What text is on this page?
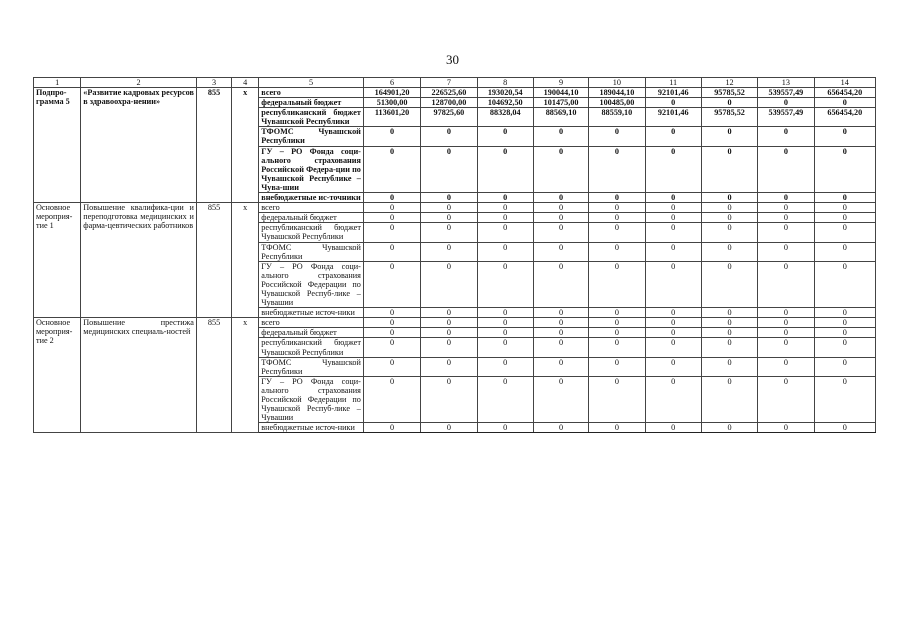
30
1	2	3	4	5	6	7	8	9	10	11	12	13	14
Подпро-грамма 5	«Развитие кадровых ресурсов в здравоохра-нении»	855	х	всего	164901,20	226525,60	193020,54	190044,10	189044,10	92101,46	95785,52	539557,49	656454,20
				федеральный бюджет	51300,00	128700,00	104692,50	101475,00	100485,00	0	0	0	0
				республиканский бюджет Чувашской Республики	113601,20	97825,60	88328,04	88569,10	88559,10	92101,46	95785,52	539557,49	656454,20
				ТФОМС Чувашской Республики	0	0	0	0	0	0	0	0	0
				ГУ – РО Фонда соци-ального страхования Российской Федера-ции по Чувашской Республике – Чува-шии	0	0	0	0	0	0	0	0	0
				внебюджетные ис-точники	0	0	0	0	0	0	0	0	0
Основное мероприя-тие 1	Повышение квалифика-ции и переподготовка медицинских и фарма-цевтических работников	855	х	всего	0	0	0	0	0	0	0	0	0
				федеральный бюджет	0	0	0	0	0	0	0	0	0
				республиканский бюджет Чувашской Республики	0	0	0	0	0	0	0	0	0
				ТФОМС Чувашской Республики	0	0	0	0	0	0	0	0	0
				ГУ – РО Фонда соци-ального страхования Российской Федерации по Чувашской Респуб-лике – Чувашии	0	0	0	0	0	0	0	0	0
				внебюджетные источ-ники	0	0	0	0	0	0	0	0	0
Основное мероприя-тие 2	Повышение престижа медицинских специаль-ностей	855	х	всего	0	0	0	0	0	0	0	0	0
				федеральный бюджет	0	0	0	0	0	0	0	0	0
				республиканский бюджет Чувашской Республики	0	0	0	0	0	0	0	0	0
				ТФОМС Чувашской Республики	0	0	0	0	0	0	0	0	0
				ГУ – РО Фонда соци-ального страхования Российской Федерации по Чувашской Респуб-лике – Чувашии	0	0	0	0	0	0	0	0	0
				внебюджетные источ-ники	0	0	0	0	0	0	0	0	0
